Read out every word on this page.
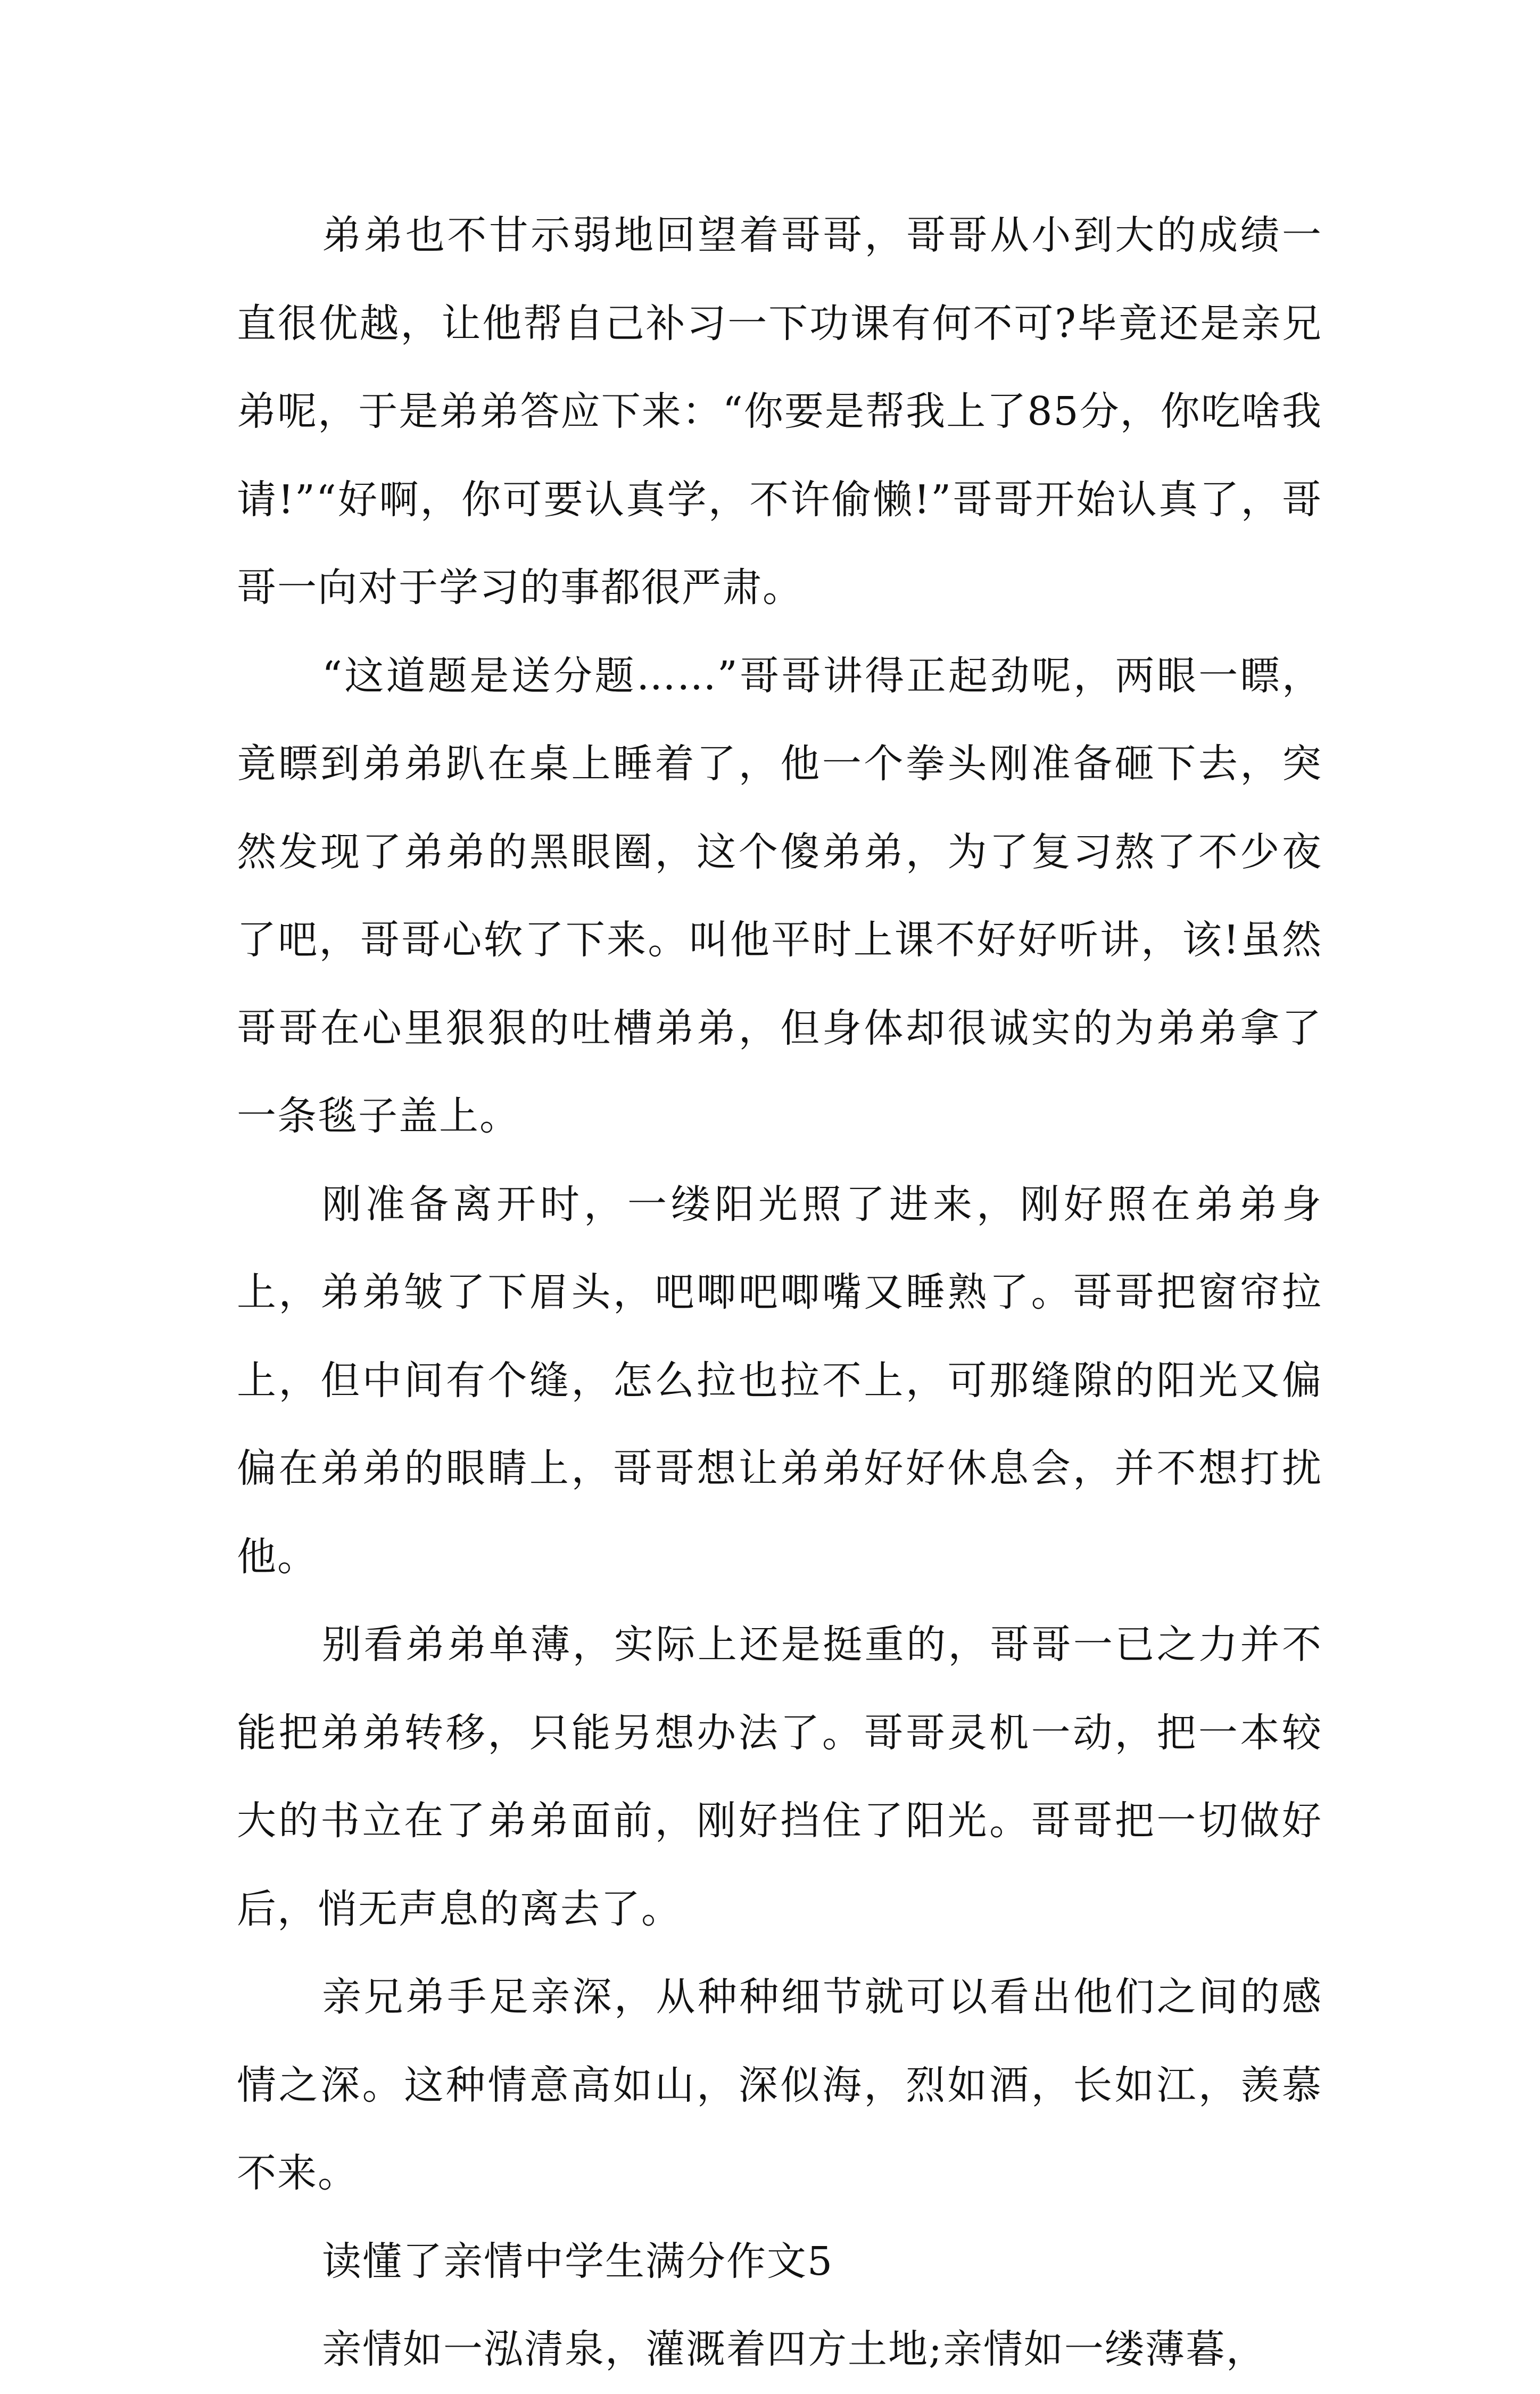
弟弟也不甘示弱地回望着哥哥，哥哥从小到大的成绩一直很优越，让他帮自己补习一下功课有何不可?毕竟还是亲兄弟呢，于是弟弟答应下来：“你要是帮我上了85分，你吃啥我请!”“好啊，你可要认真学，不许偷懒!”哥哥开始认真了，哥哥一向对于学习的事都很严肃。

“这道题是送分题……”哥哥讲得正起劲呢，两眼一瞟，竟瞟到弟弟趴在桌上睡着了，他一个拳头刚准备砸下去，突然发现了弟弟的黑眼圈，这个傻弟弟，为了复习熬了不少夜了吧，哥哥心软了下来。叫他平时上课不好好听讲，该!虽然哥哥在心里狠狠的吐槽弟弟，但身体却很诚实的为弟弟拿了一条毯子盖上。

刚准备离开时，一缕阳光照了进来，刚好照在弟弟身上，弟弟皱了下眉头，吧唧吧唧嘴又睡熟了。哥哥把窗帘拉上，但中间有个缝，怎么拉也拉不上，可那缝隙的阳光又偏偏在弟弟的眼睛上，哥哥想让弟弟好好休息会，并不想打扰他。

别看弟弟单薄，实际上还是挺重的，哥哥一已之力并不能把弟弟转移，只能另想办法了。哥哥灵机一动，把一本较大的书立在了弟弟面前，刚好挡住了阳光。哥哥把一切做好后，悄无声息的离去了。

亲兄弟手足亲深，从种种细节就可以看出他们之间的感情之深。这种情意高如山，深似海，烈如酒，长如江，羡慕不来。

读懂了亲情中学生满分作文5

亲情如一泓清泉，灌溉着四方土地;亲情如一缕薄暮，
